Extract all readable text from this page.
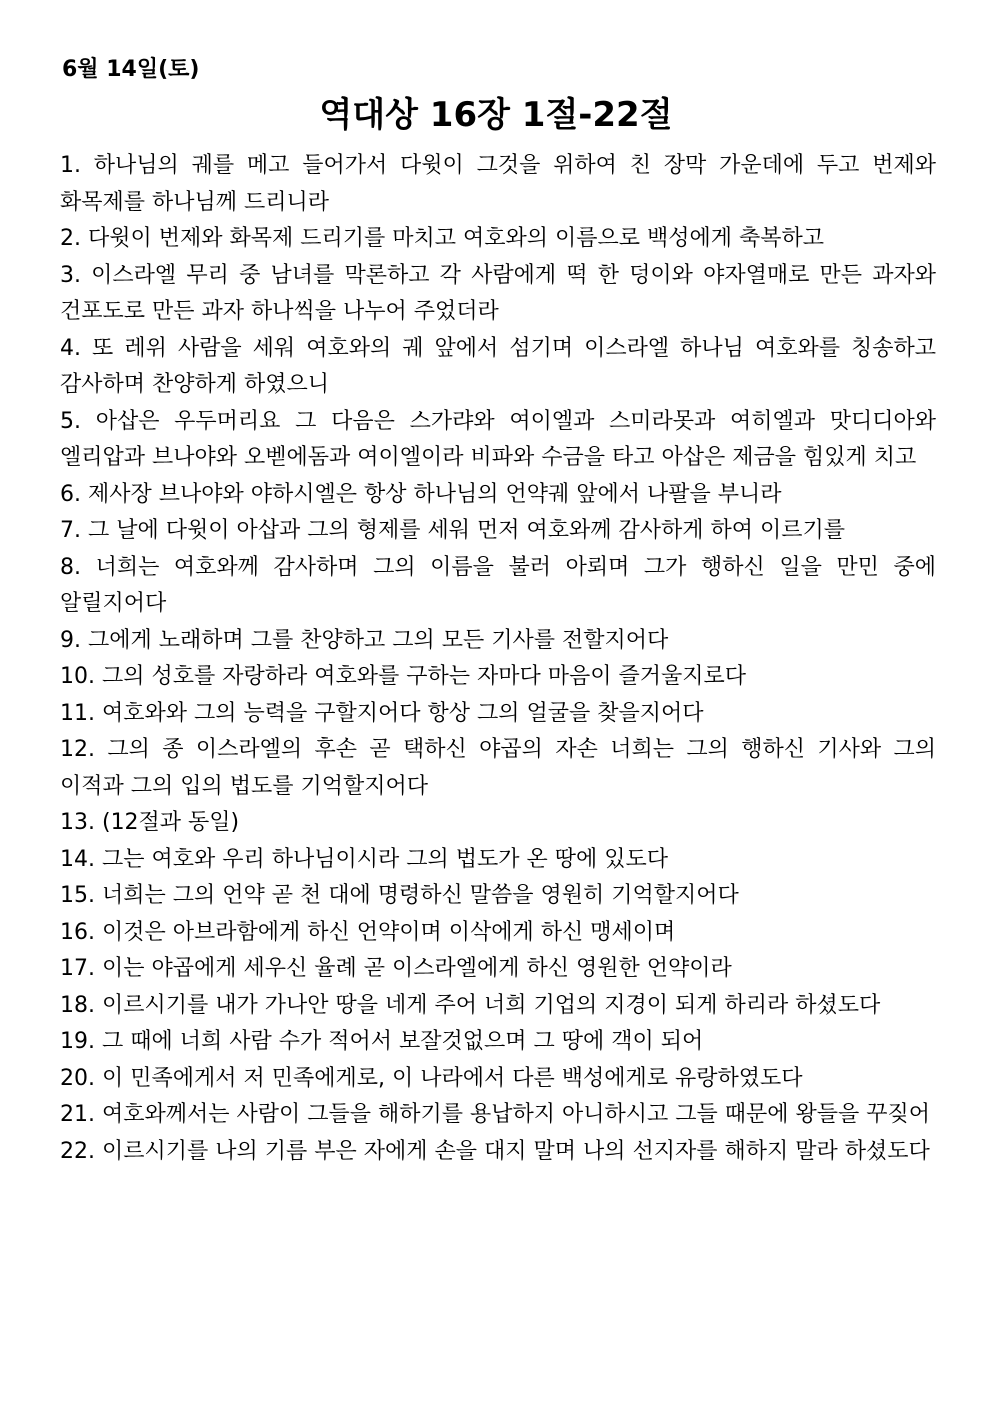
6월 14일(토)
역대상 16장 1절-22절
1. 하나님의 궤를 메고 들어가서 다윗이 그것을 위하여 친 장막 가운데에 두고 번제와 화목제를 하나님께 드리니라
2. 다윗이 번제와 화목제 드리기를 마치고 여호와의 이름으로 백성에게 축복하고
3. 이스라엘 무리 중 남녀를 막론하고 각 사람에게 떡 한 덩이와 야자열매로 만든 과자와 건포도로 만든 과자 하나씩을 나누어 주었더라
4. 또 레위 사람을 세워 여호와의 궤 앞에서 섬기며 이스라엘 하나님 여호와를 칭송하고 감사하며 찬양하게 하였으니
5. 아삽은 우두머리요 그 다음은 스가랴와 여이엘과 스미라못과 여히엘과 맛디디아와 엘리압과 브나야와 오벧에돔과 여이엘이라 비파와 수금을 타고 아삽은 제금을 힘있게 치고
6. 제사장 브나야와 야하시엘은 항상 하나님의 언약궤 앞에서 나팔을 부니라
7. 그 날에 다윗이 아삽과 그의 형제를 세워 먼저 여호와께 감사하게 하여 이르기를
8. 너희는 여호와께 감사하며 그의 이름을 불러 아뢰며 그가 행하신 일을 만민 중에 알릴지어다
9. 그에게 노래하며 그를 찬양하고 그의 모든 기사를 전할지어다
10. 그의 성호를 자랑하라 여호와를 구하는 자마다 마음이 즐거울지로다
11. 여호와와 그의 능력을 구할지어다 항상 그의 얼굴을 찾을지어다
12. 그의 종 이스라엘의 후손 곧 택하신 야곱의 자손 너희는 그의 행하신 기사와 그의 이적과 그의 입의 법도를 기억할지어다
13. (12절과 동일)
14. 그는 여호와 우리 하나님이시라 그의 법도가 온 땅에 있도다
15. 너희는 그의 언약 곧 천 대에 명령하신 말씀을 영원히 기억할지어다
16. 이것은 아브라함에게 하신 언약이며 이삭에게 하신 맹세이며
17. 이는 야곱에게 세우신 율례 곧 이스라엘에게 하신 영원한 언약이라
18. 이르시기를 내가 가나안 땅을 네게 주어 너희 기업의 지경이 되게 하리라 하셨도다
19. 그 때에 너희 사람 수가 적어서 보잘것없으며 그 땅에 객이 되어
20. 이 민족에게서 저 민족에게로, 이 나라에서 다른 백성에게로 유랑하였도다
21. 여호와께서는 사람이 그들을 해하기를 용납하지 아니하시고 그들 때문에 왕들을 꾸짖어
22. 이르시기를 나의 기름 부은 자에게 손을 대지 말며 나의 선지자를 해하지 말라 하셨도다
